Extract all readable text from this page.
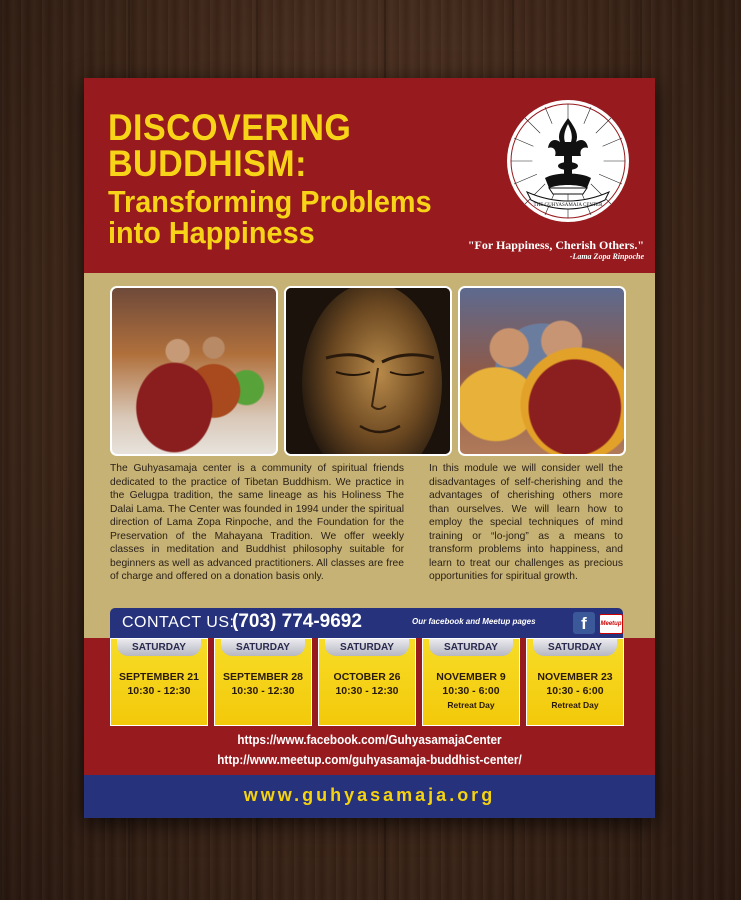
DISCOVERING
BUDDHISM:
Transforming Problems
into Happiness
THE GUHYASAMAJA CENTER
"For Happiness, Cherish Others."
-Lama Zopa Rinpoche
The Guhyasamaja center is a community of spiritual friends dedicated to the practice of Tibetan Buddhism. We practice in the Gelugpa tradition, the same lineage as his Holiness The Dalai Lama. The Center was founded in 1994 under the spiritual direction of Lama Zopa Rinpoche, and the Foundation for the Preservation of the Mahayana Tradition. We offer weekly classes in meditation and Buddhist philosophy suitable for beginners as well as advanced practitioners. All classes are free of charge and offered on a donation basis only.
In this module we will consider well the disadvantages of self-cherishing and the advantages of cherishing others more than ourselves. We will learn how to employ the special techniques of mind training or “lo-jong” as a means to transform problems into happiness, and learn to treat our challenges as precious opportunities for spiritual growth.
CONTACT US:
(703) 774-9692	Our facebook and Meetup pages	f	Meetup
SATURDAY
SEPTEMBER 21
10:30 - 12:30
SATURDAY
SEPTEMBER 28
10:30 - 12:30
SATURDAY
OCTOBER 26
10:30 - 12:30
SATURDAY
NOVEMBER 9
10:30 - 6:00
Retreat Day
SATURDAY
NOVEMBER 23
10:30 - 6:00
Retreat Day
https://www.facebook.com/GuhyasamajaCenter
http://www.meetup.com/guhyasamaja-buddhist-center/
www.guhyasamaja.org
